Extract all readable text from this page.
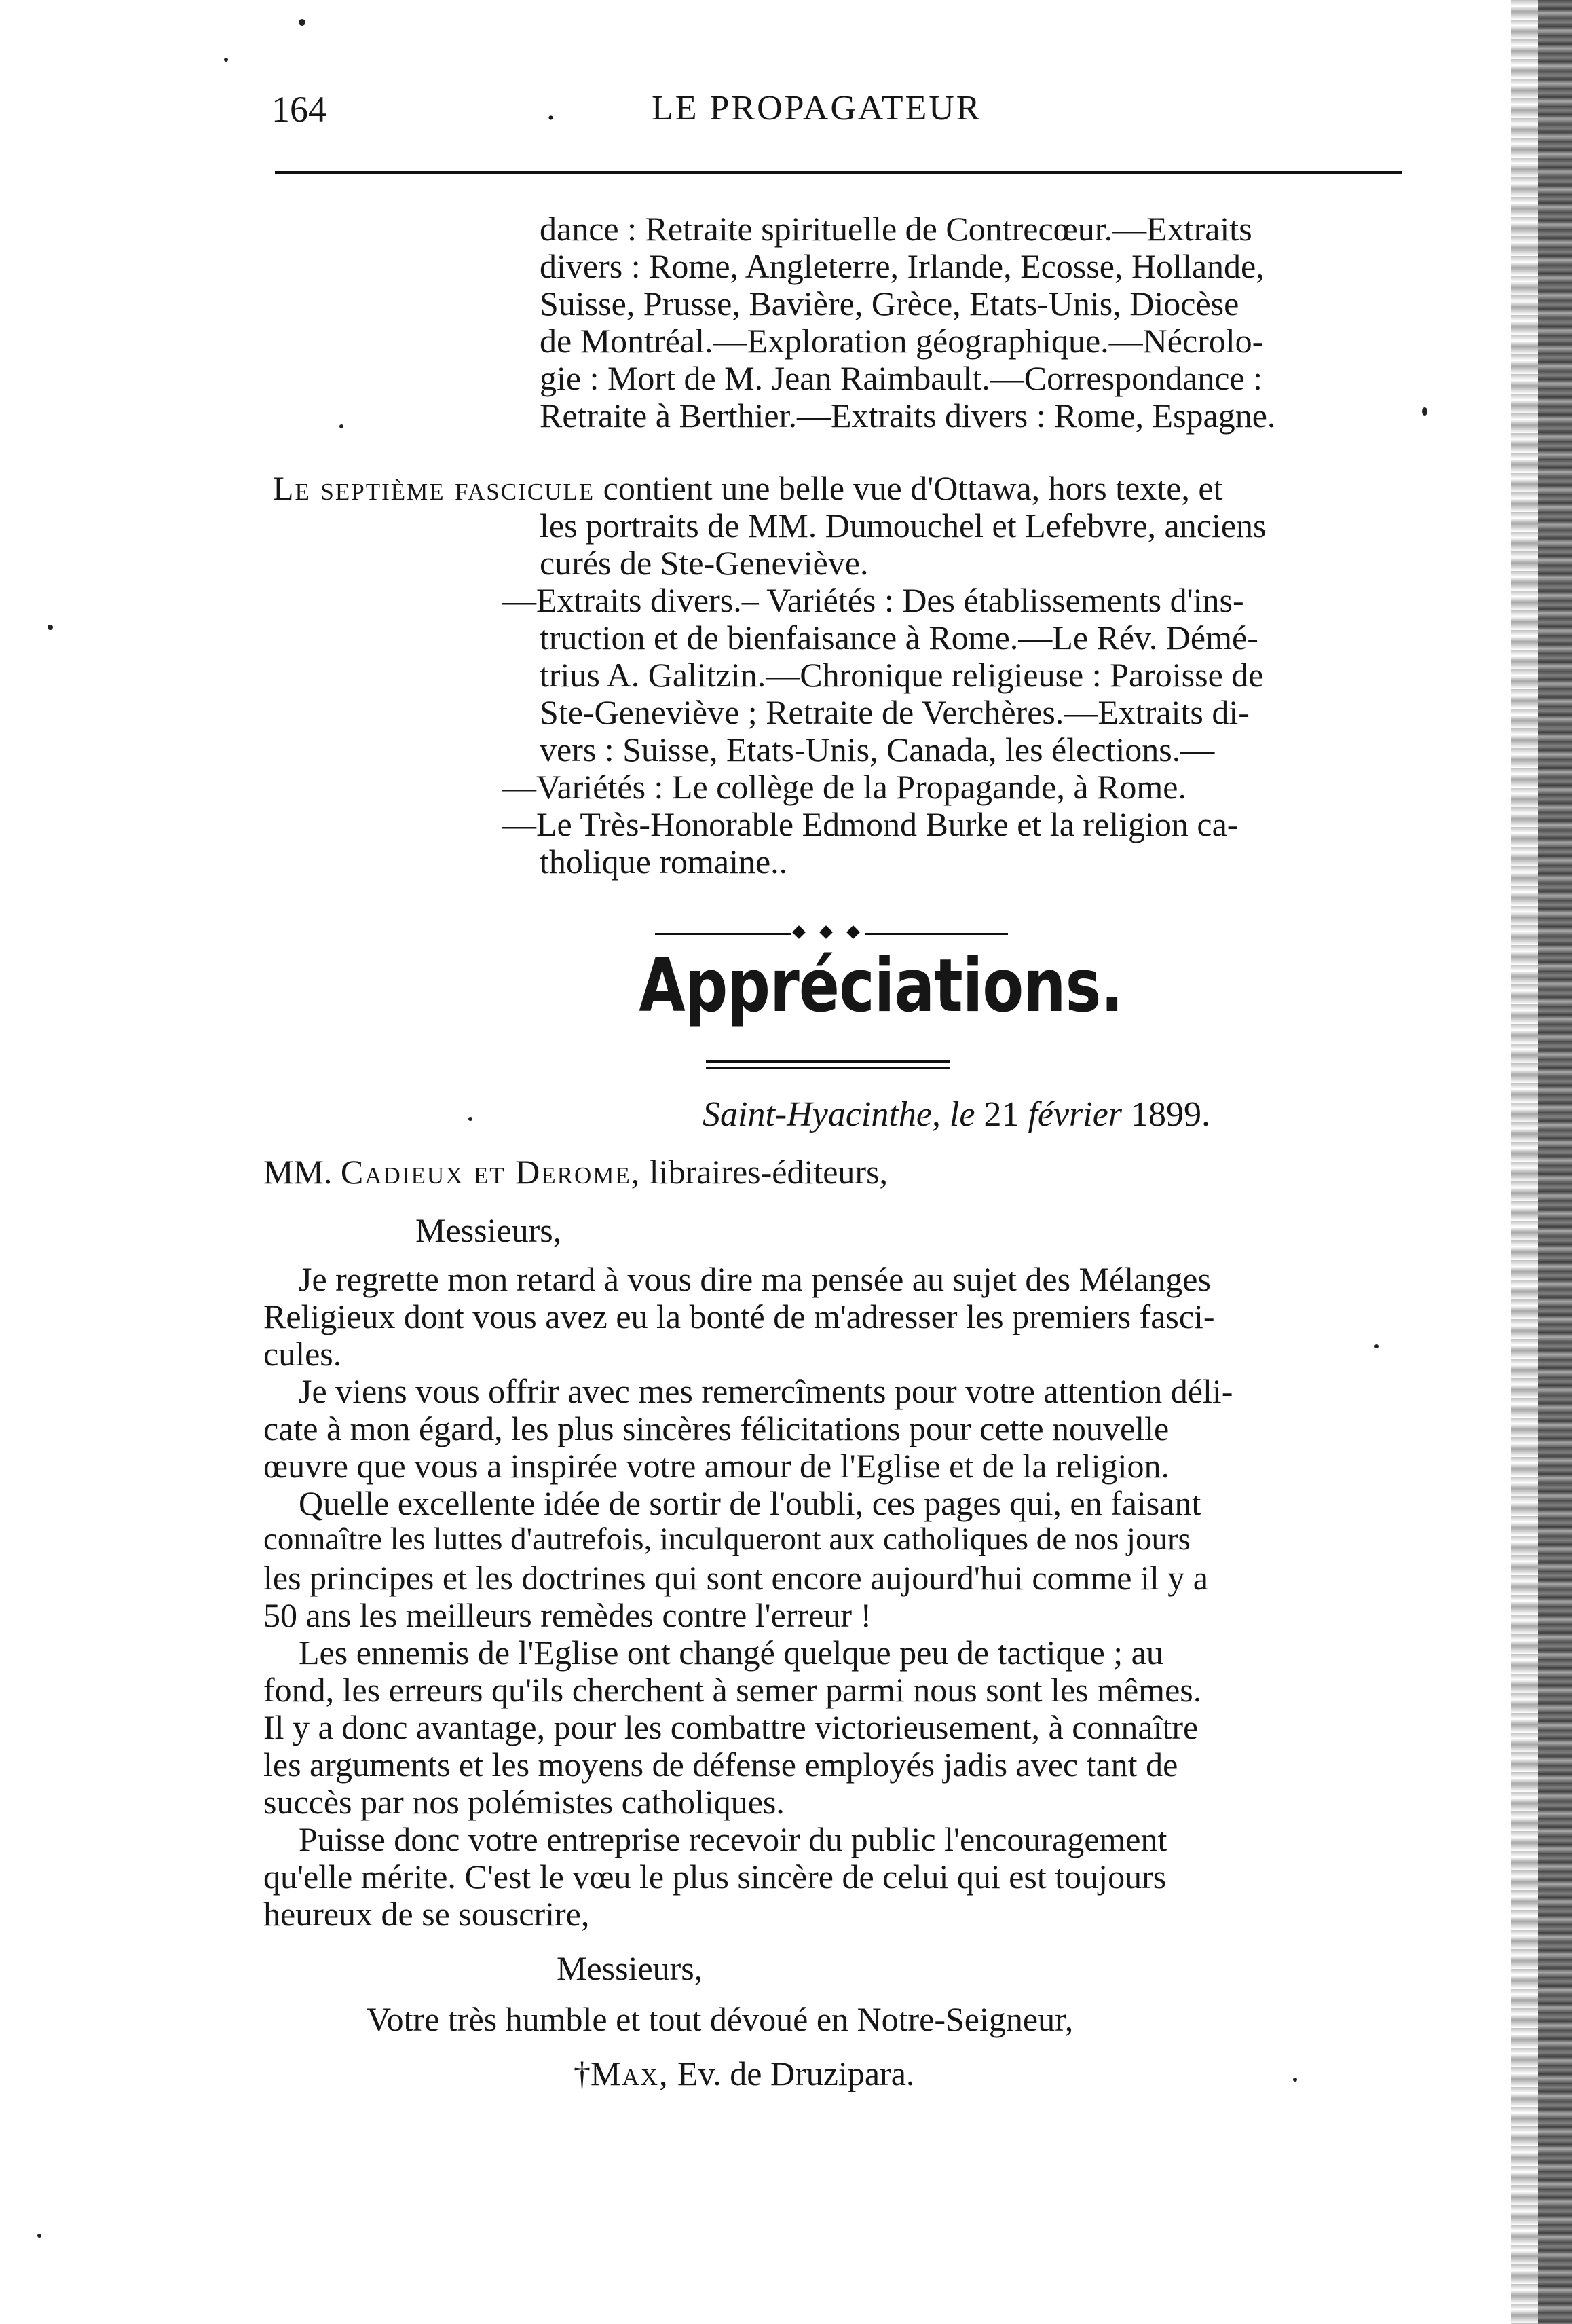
164	.	LE PROPAGATEUR
dance : Retraite spirituelle de Contrecœur.—Extraits
divers : Rome, Angleterre, Irlande, Ecosse, Hollande,
Suisse, Prusse, Bavière, Grèce, Etats-Unis, Diocèse
de Montréal.—Exploration géographique.—Nécrolo-
gie : Mort de M. Jean Raimbault.—Correspondance :
Retraite à Berthier.—Extraits divers : Rome, Espagne.
Le septième fascicule contient une belle vue d'Ottawa, hors texte, et
les portraits de MM. Dumouchel et Lefebvre, anciens
curés de Ste-Geneviève.
—Extraits divers.– Variétés : Des établissements d'ins-
truction et de bienfaisance à Rome.—Le Rév. Démé-
trius A. Galitzin.—Chronique religieuse : Paroisse de
Ste-Geneviève ; Retraite de Verchères.—Extraits di-
vers : Suisse, Etats-Unis, Canada, les élections.—
—Variétés : Le collège de la Propagande, à Rome.
—Le Très-Honorable Edmond Burke et la religion ca-
tholique romaine..
Appréciations.
Saint-Hyacinthe, le 21 février 1899.
MM. Cadieux et Derome, libraires-éditeurs,
Messieurs,
Je regrette mon retard à vous dire ma pensée au sujet des Mélanges
Religieux dont vous avez eu la bonté de m'adresser les premiers fasci-
cules.
Je viens vous offrir avec mes remercîments pour votre attention déli-
cate à mon égard, les plus sincères félicitations pour cette nouvelle
œuvre que vous a inspirée votre amour de l'Eglise et de la religion.
Quelle excellente idée de sortir de l'oubli, ces pages qui, en faisant
connaître les luttes d'autrefois, inculqueront aux catholiques de nos jours
les principes et les doctrines qui sont encore aujourd'hui comme il y a
50 ans les meilleurs remèdes contre l'erreur !
Les ennemis de l'Eglise ont changé quelque peu de tactique ; au
fond, les erreurs qu'ils cherchent à semer parmi nous sont les mêmes.
Il y a donc avantage, pour les combattre victorieusement, à connaître
les arguments et les moyens de défense employés jadis avec tant de
succès par nos polémistes catholiques.
Puisse donc votre entreprise recevoir du public l'encouragement
qu'elle mérite. C'est le vœu le plus sincère de celui qui est toujours
heureux de se souscrire,
Messieurs,
Votre très humble et tout dévoué en Notre-Seigneur,
†Max, Ev. de Druzipara.
